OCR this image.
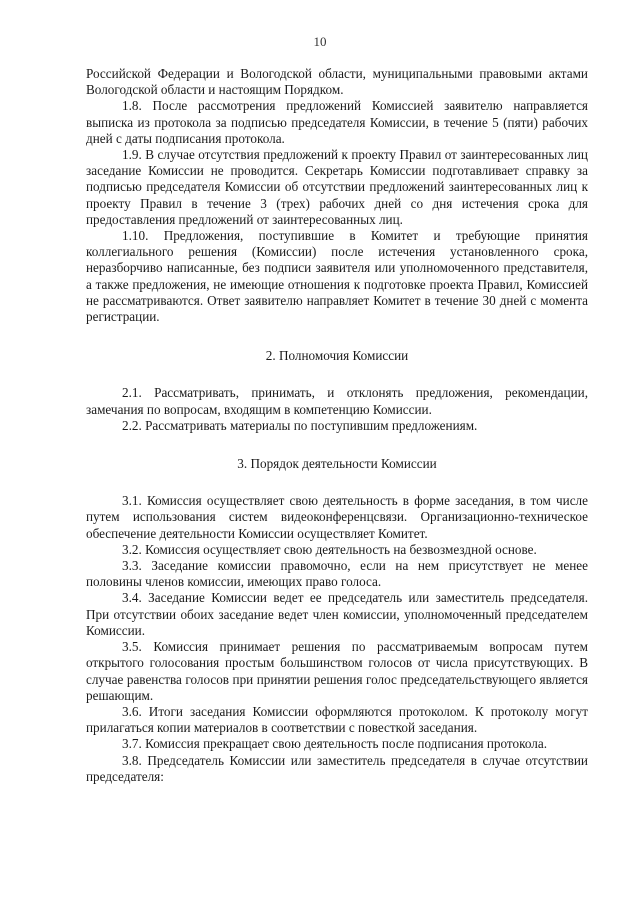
10

Российской Федерации и Вологодской области, муниципальными правовыми актами Вологодской области и настоящим Порядком.

1.8. После рассмотрения предложений Комиссией заявителю направляется выписка из протокола за подписью председателя Комиссии, в течение 5 (пяти) рабочих дней с даты подписания протокола.

1.9. В случае отсутствия предложений к проекту Правил от заинтересованных лиц заседание Комиссии не проводится. Секретарь Комиссии подготавливает справку за подписью председателя Комиссии об отсутствии предложений заинтересованных лиц к проекту Правил в течение 3 (трех) рабочих дней со дня истечения срока для предоставления предложений от заинтересованных лиц.

1.10. Предложения, поступившие в Комитет и требующие принятия коллегиального решения (Комиссии) после истечения установленного срока, неразборчиво написанные, без подписи заявителя или уполномоченного представителя, а также предложения, не имеющие отношения к подготовке проекта Правил, Комиссией не рассматриваются. Ответ заявителю направляет Комитет в течение 30 дней с момента регистрации.

2. Полномочия Комиссии

2.1. Рассматривать, принимать, и отклонять предложения, рекомендации, замечания по вопросам, входящим в компетенцию Комиссии.

2.2. Рассматривать материалы по поступившим предложениям.

3. Порядок деятельности Комиссии

3.1. Комиссия осуществляет свою деятельность в форме заседания, в том числе путем использования систем видеоконференцсвязи. Организационно-техническое обеспечение деятельности Комиссии осуществляет Комитет.

3.2. Комиссия осуществляет свою деятельность на безвозмездной основе.

3.3. Заседание комиссии правомочно, если на нем присутствует не менее половины членов комиссии, имеющих право голоса.

3.4. Заседание Комиссии ведет ее председатель или заместитель председателя. При отсутствии обоих заседание ведет член комиссии, уполномоченный председателем Комиссии.

3.5. Комиссия принимает решения по рассматриваемым вопросам путем открытого голосования простым большинством голосов от числа присутствующих. В случае равенства голосов при принятии решения голос председательствующего является решающим.

3.6. Итоги заседания Комиссии оформляются протоколом. К протоколу могут прилагаться копии материалов в соответствии с повесткой заседания.

3.7. Комиссия прекращает свою деятельность после подписания протокола.

3.8. Председатель Комиссии или заместитель председателя в случае отсутствии председателя:
